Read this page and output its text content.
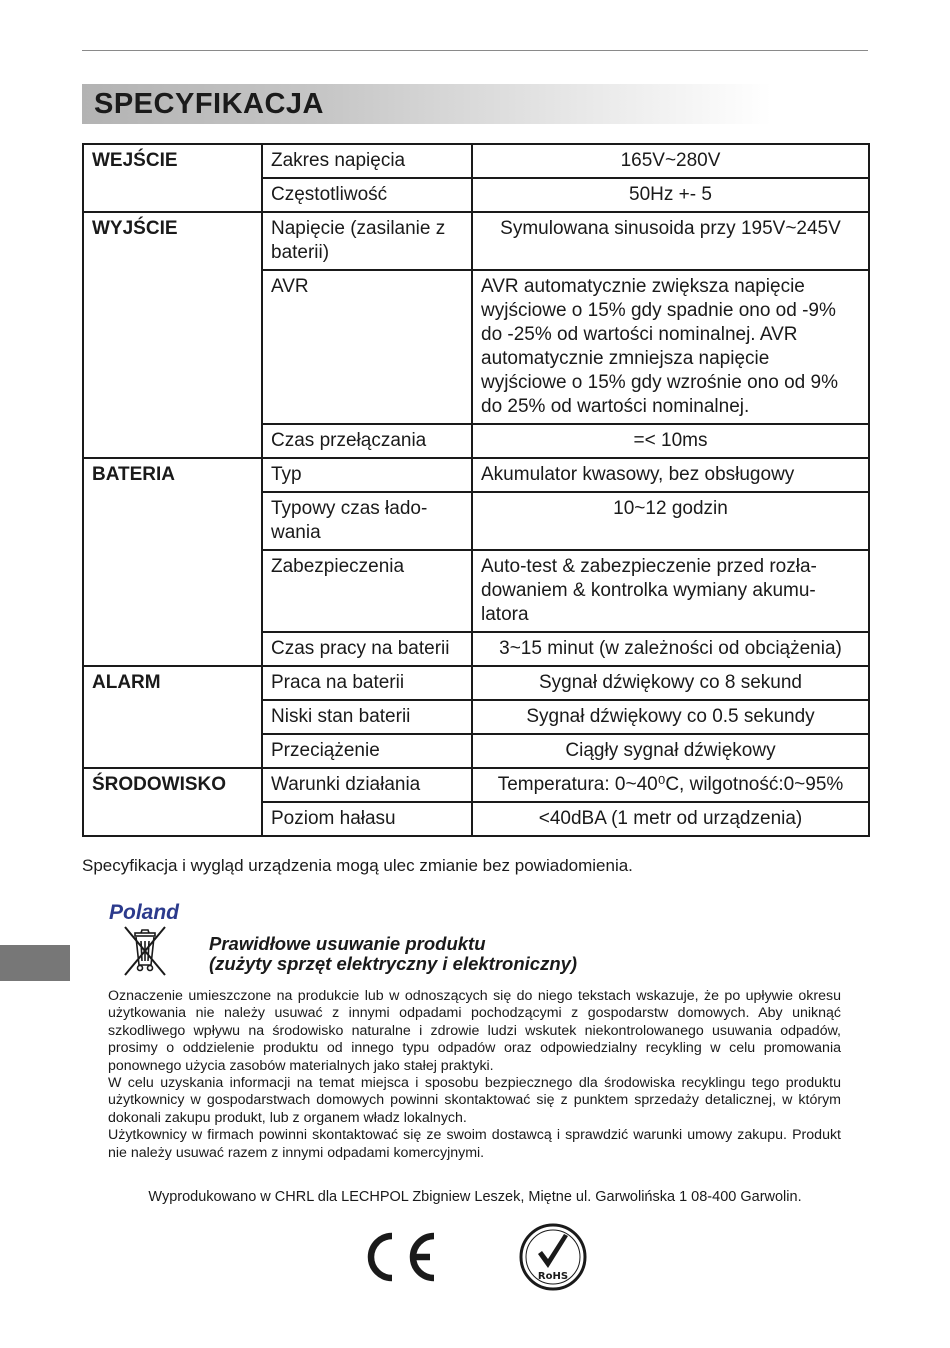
SPECYFIKACJA
WEJŚCIE	Zakres napięcia	165V~280V
	Częstotliwość	50Hz +- 5
WYJŚCIE	Napięcie (zasilanie z baterii)	Symulowana sinusoida przy 195V~245V
	AVR	AVR automatycznie zwiększa napięcie wyjściowe o 15% gdy spadnie ono od -9% do -25% od wartości nominalnej. AVR automatycznie zmniejsza napięcie wyjściowe o 15% gdy wzrośnie ono od 9% do 25% od wartości nominalnej.
	Czas przełączania	=< 10ms
BATERIA	Typ	Akumulator kwasowy, bez obsługowy
	Typowy czas łado-wania	10~12 godzin
	Zabezpieczenia	Auto-test & zabezpieczenie przed rozła-dowaniem & kontrolka wymiany akumu-latora
	Czas pracy na baterii	3~15 minut (w zależności od obciążenia)
ALARM	Praca na baterii	Sygnał dźwiękowy co 8 sekund
	Niski stan baterii	Sygnał dźwiękowy co 0.5 sekundy
	Przeciążenie	Ciągły sygnał dźwiękowy
ŚRODOWISKO	Warunki działania	Temperatura: 0~40⁰C, wilgotność:0~95%
	Poziom hałasu	<40dBA (1 metr od urządzenia)
Specyfikacja i wygląd urządzenia mogą ulec zmianie bez powiadomienia.
Poland
Prawidłowe usuwanie produktu
(zużyty sprzęt elektryczny i elektroniczny)

Oznaczenie umieszczone na produkcie lub w odnoszących się do niego tekstach wskazuje, że po upływie okresu użytkowania nie należy usuwać z innymi odpadami pochodzącymi z gospodarstw domowych. Aby uniknąć szkodliwego wpływu na środowisko naturalne i zdrowie ludzi wskutek niekontrolowanego usuwania odpadów, prosimy o oddzielenie produktu od innego typu odpadów oraz odpowiedzialny recykling w celu promowania ponownego użycia zasobów materialnych jako stałej praktyki.

W celu uzyskania informacji na temat miejsca i sposobu bezpiecznego dla środowiska recyklingu tego produktu użytkownicy w gospodarstwach domowych powinni skontaktować się z punktem sprzedaży detalicznej, w którym dokonali zakupu produkt, lub z organem władz lokalnych.

Użytkownicy w firmach powinni skontaktować się ze swoim dostawcą i sprawdzić warunki umowy zakupu. Produkt nie należy usuwać razem z innymi odpadami komercyjnymi.

Wyprodukowano w CHRL dla LECHPOL Zbigniew Leszek, Miętne ul. Garwolińska 1 08-400 Garwolin.
RoHS
